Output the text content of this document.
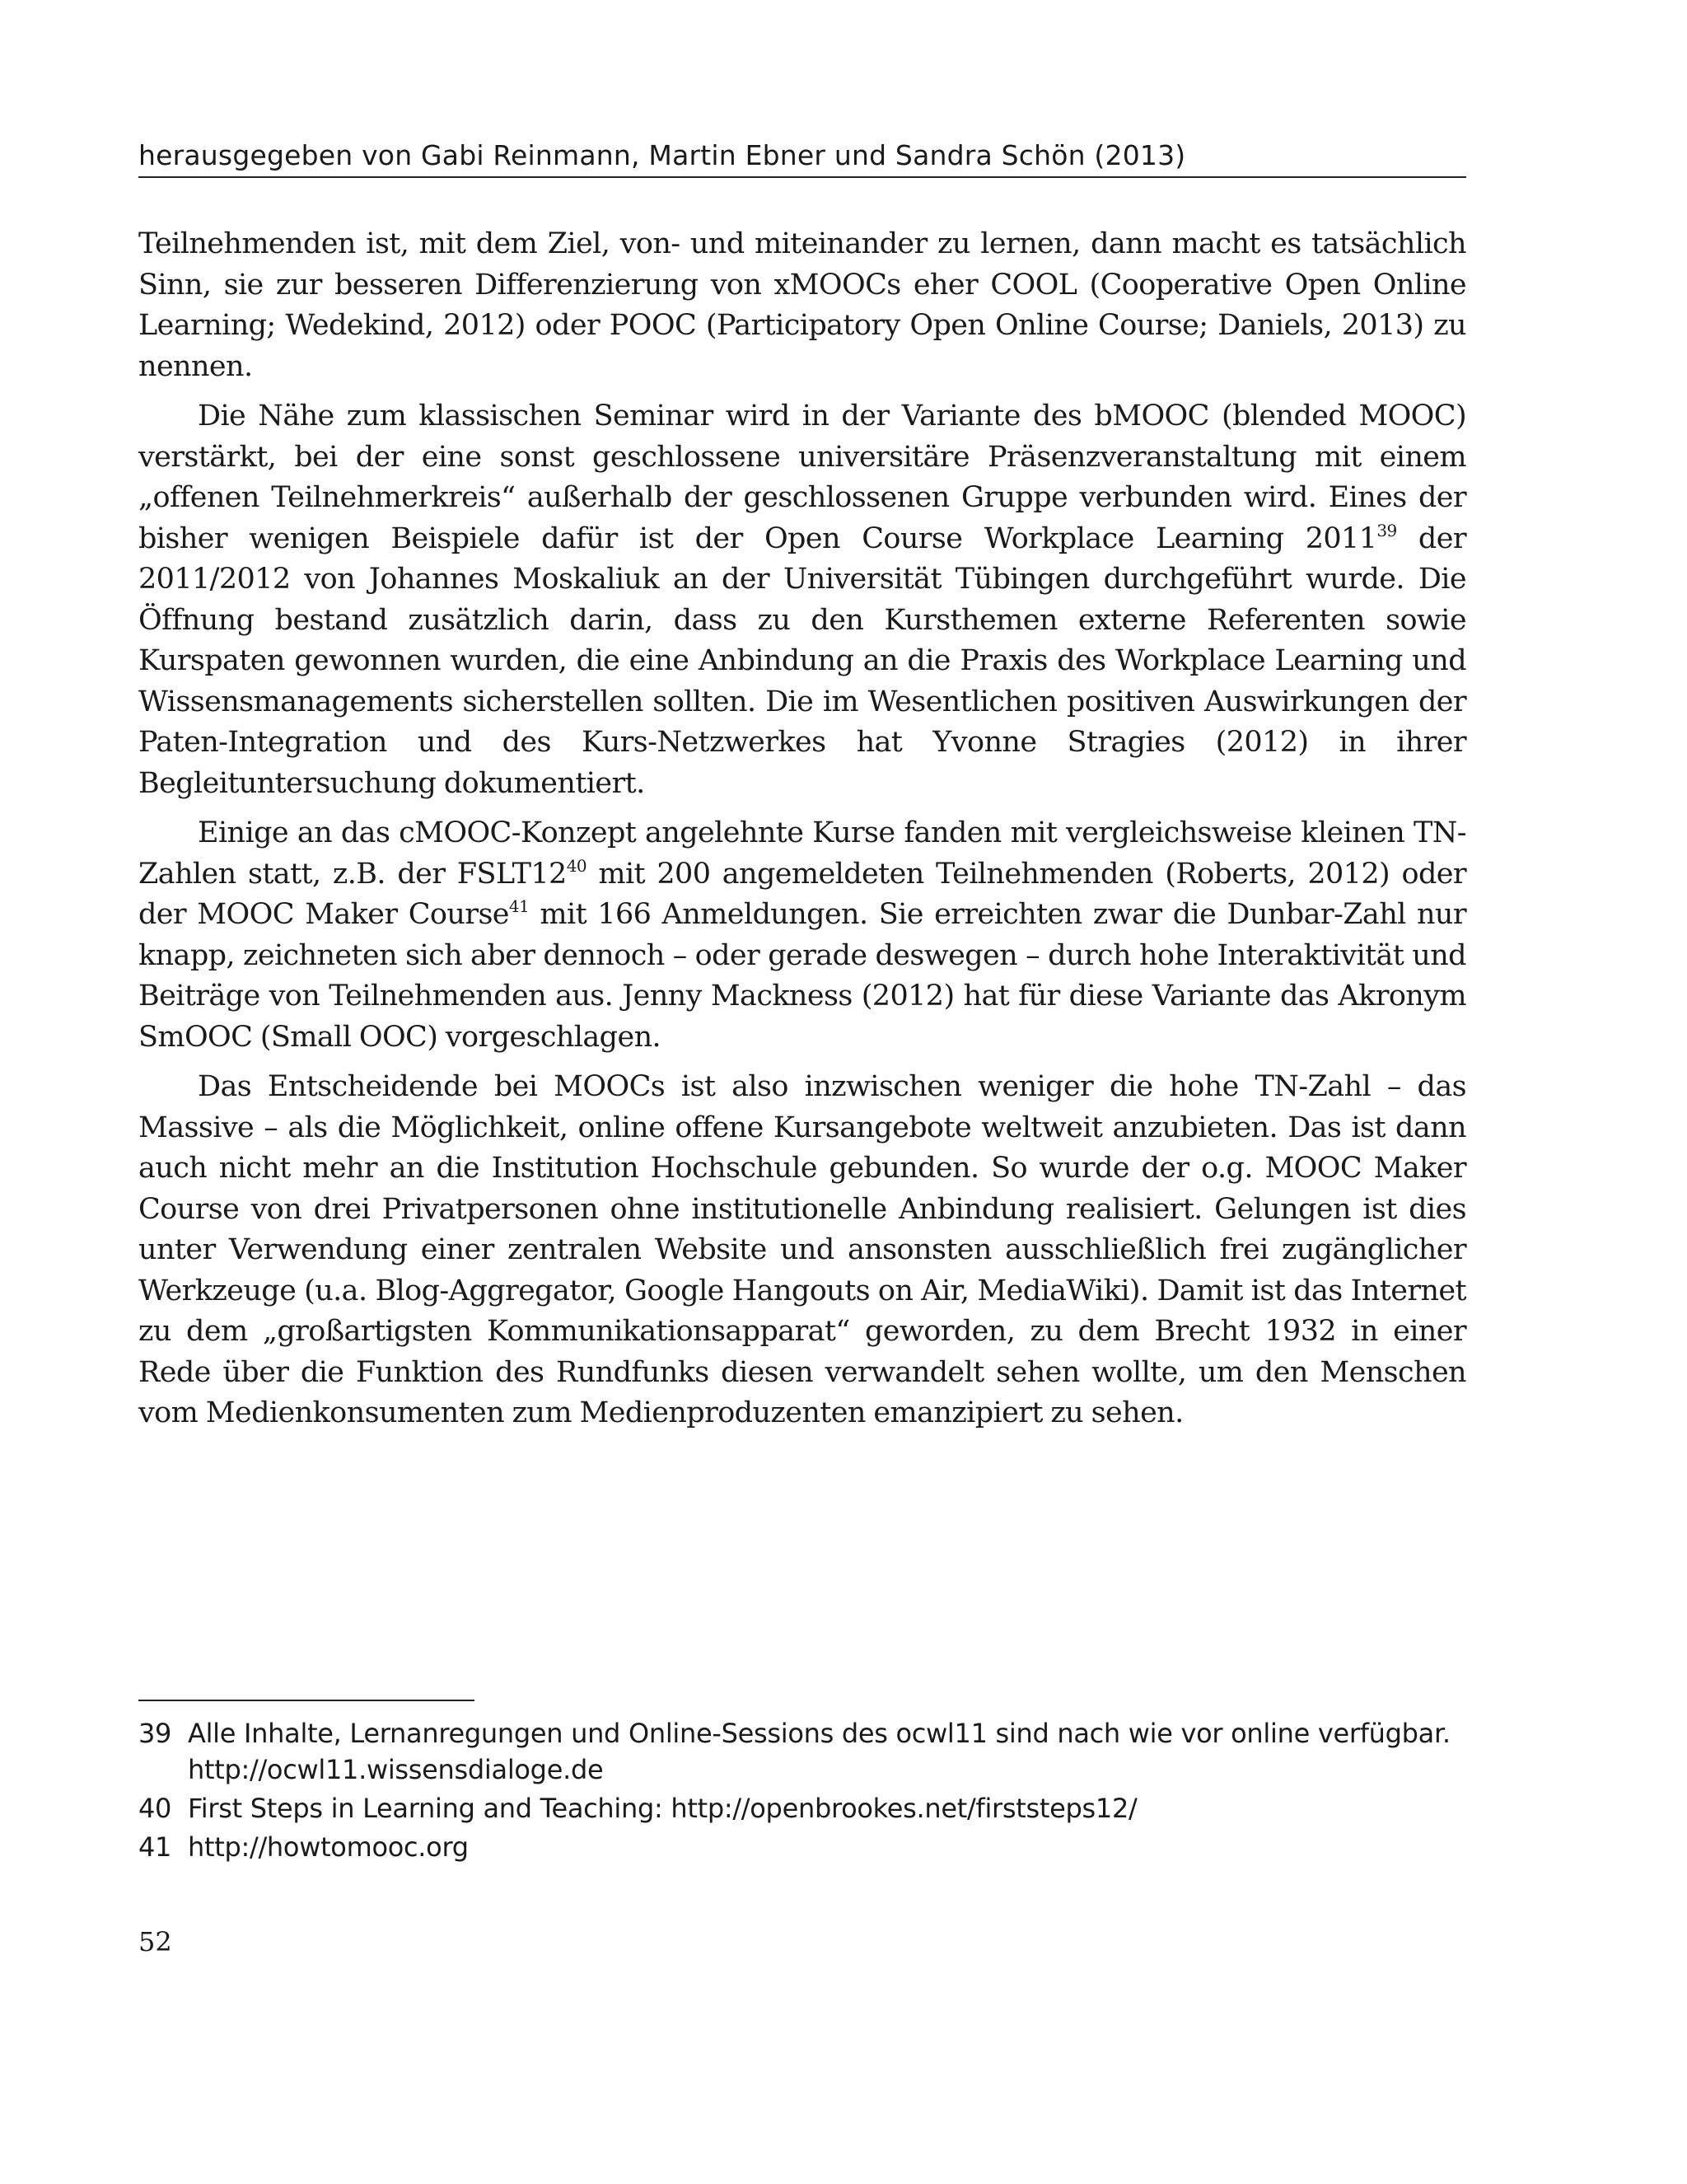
herausgegeben von Gabi Reinmann, Martin Ebner und Sandra Schön (2013)

Teilnehmenden ist, mit dem Ziel, von- und miteinander zu lernen, dann macht es tatsächlich Sinn, sie zur besseren Differenzierung von xMOOCs eher COOL (Cooperative Open Online Learning; Wedekind, 2012) oder POOC (Participatory Open Online Course; Daniels, 2013) zu nennen.

Die Nähe zum klassischen Seminar wird in der Variante des bMOOC (blended MOOC) verstärkt, bei der eine sonst geschlossene universitäre Präsenzveranstaltung mit einem „offenen Teilnehmerkreis“ außerhalb der geschlossenen Gruppe verbunden wird. Eines der bisher wenigen Beispiele dafür ist der Open Course Workplace Learning 2011$^{39}$ der 2011/2012 von Johannes Moskaliuk an der Universität Tübingen durchgeführt wurde. Die Öffnung bestand zusätzlich darin, dass zu den Kursthemen externe Referenten sowie Kurspaten gewonnen wurden, die eine Anbindung an die Praxis des Workplace Learning und Wissensmanagements sicherstellen sollten. Die im Wesentlichen positiven Auswirkungen der Paten-Integration und des Kurs-Netzwerkes hat Yvonne Stragies (2012) in ihrer Begleituntersuchung dokumentiert.

Einige an das cMOOC-Konzept angelehnte Kurse fanden mit vergleichsweise kleinen TN-Zahlen statt, z.B. der $FSLT12^{40}$ mit 200 angemeldeten Teilnehmenden (Roberts, 2012) oder der MOOC Maker Course$^{41}$ mit 166 Anmeldungen. Sie erreichten zwar die Dunbar-Zahl nur knapp, zeichneten sich aber dennoch – oder gerade deswegen – durch hohe Interaktivität und Beiträge von Teilnehmenden aus. Jenny Mackness (2012) hat für diese Variante das Akronym SmOOC (Small OOC) vorgeschlagen.

Das Entscheidende bei MOOCs ist also inzwischen weniger die hohe TN-Zahl – das Massive – als die Möglichkeit, online offene Kursangebote weltweit anzubieten. Das ist dann auch nicht mehr an die Institution Hochschule gebunden. So wurde der o.g. MOOC Maker Course von drei Privatpersonen ohne institutionelle Anbindung realisiert. Gelungen ist dies unter Verwendung einer zentralen Website und ansonsten ausschließlich frei zugänglicher Werkzeuge (u.a. Blog-Aggregator, Google Hangouts on Air, MediaWiki). Damit ist das Internet zu dem „großartigsten Kommunikationsapparat“ geworden, zu dem Brecht 1932 in einer Rede über die Funktion des Rundfunks diesen verwandelt sehen wollte, um den Menschen vom Medienkonsumenten zum Medienproduzenten emanzipiert zu sehen.

39 Alle Inhalte, Lernanregungen und Online-Sessions des ocwl11 sind nach wie vor online verfügbar. http://ocwl11.wissensdialoge.de
40 First Steps in Learning and Teaching: http://openbrookes.net/firststeps12/
41 http://howtomooc.org
52
